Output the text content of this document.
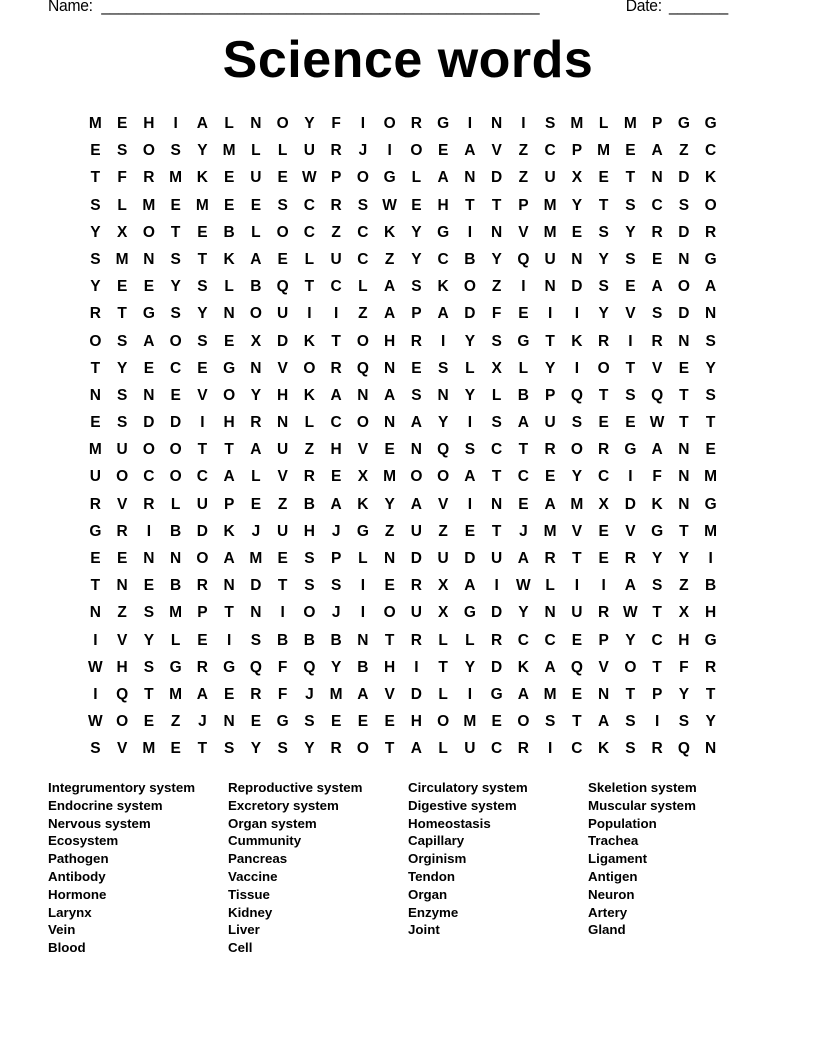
Name:

____________________________________________________

	Date:

_______

Science words
M E	H	I	A	L	N O	Y	F	I	O R G	I	N	I	S M	L	M P	G G
E	S	O	S	Y M	L	L	U	R	J	I	O	E	A	V	Z	C	P M E	A	Z	C
T	F	R M K	E	U	E W P	O G	L	A	N	D	Z	U	X	E	T	N	D	K
S	L	M E M E	E	S	C	R	S W E	H	T	T	P M Y	T	S	C	S	O
Y	X	O	T	E	B	L	O C	Z	C	K	Y	G	I	N	V M E	S	Y	R	D	R
S M N	S	T	K	A	E	L	U	C	Z	Y	C	B	Y	Q U	N	Y	S	E	N G
Y	E	E	Y	S	L	B Q	T	C	L	A	S	K O	Z	I	N	D	S	E	A O A
R	T	G	S	Y	N O U	I	I	Z	A	P	A	D	F	E	I	I	Y	V	S	D	N
O	S	A O	S	E	X	D	K	T	O H	R	I	Y	S	G	T	K	R	I	R	N	S
T	Y	E	C	E	G N	V	O R Q N	E	S	L	X	L	Y	I	O	T	V	E	Y
N	S	N	E	V	O	Y	H	K	A	N	A	S	N	Y	L	B	P	Q	T	S	Q	T	S
E	S	D	D	I	H	R	N	L	C O N	A	Y	I	S	A	U	S	E	E W T	T
M U O O	T	T	A	U	Z	H	V	E	N Q	S	C	T	R O R G A	N	E
U O C O C	A	L	V	R	E	X M O O A	T	C	E	Y	C	I	F	N M
R	V	R	L	U	P	E	Z	B	A	K	Y	A	V	I	N	E	A M X	D	K	N G
G R	I	B	D	K	J	U	H	J	G	Z	U	Z	E	T	J	M V	E	V	G	T	M
E	E	N	N O A M E	S	P	L	N	D	U	D	U	A	R	T	E	R	Y	Y	I
T	N	E	B	R	N	D	T	S	S	I	E	R	X	A	I	W L	I	I	A	S	Z	B
N	Z	S M P	T	N	I	O	J	I	O U	X	G D	Y	N	U	R W T	X	H
I	V	Y	L	E	I	S	B	B	B	N	T	R	L	L	R	C	C	E	P	Y	C	H G
W H	S	G R G Q	F	Q	Y	B	H	I	T	Y	D	K	A Q	V	O	T	F	R
I	Q	T	M A	E	R	F	J	M A	V	D	L	I	G A M E	N	T	P	Y	T
W O	E	Z	J	N	E	G	S	E	E	E	H O M E	O	S	T	A	S	I	S	Y
S	V M E	T	S	Y	S	Y	R O	T	A	L	U	C	R	I	C	K	S	R Q N
Integrumentory system
Endocrine system
Nervous system
Ecosystem
Pathogen
Antibody
Hormone
Larynx
Vein
Blood
Reproductive system
Excretory system
Organ system
Cummunity
Pancreas
Vaccine
Tissue
Kidney
Liver
Cell
Circulatory system
Digestive system
Homeostasis
Capillary
Orginism
Tendon
Organ
Enzyme
Joint
Skeletion system
Muscular system
Population
Trachea
Ligament
Antigen
Neuron
Artery
Gland
